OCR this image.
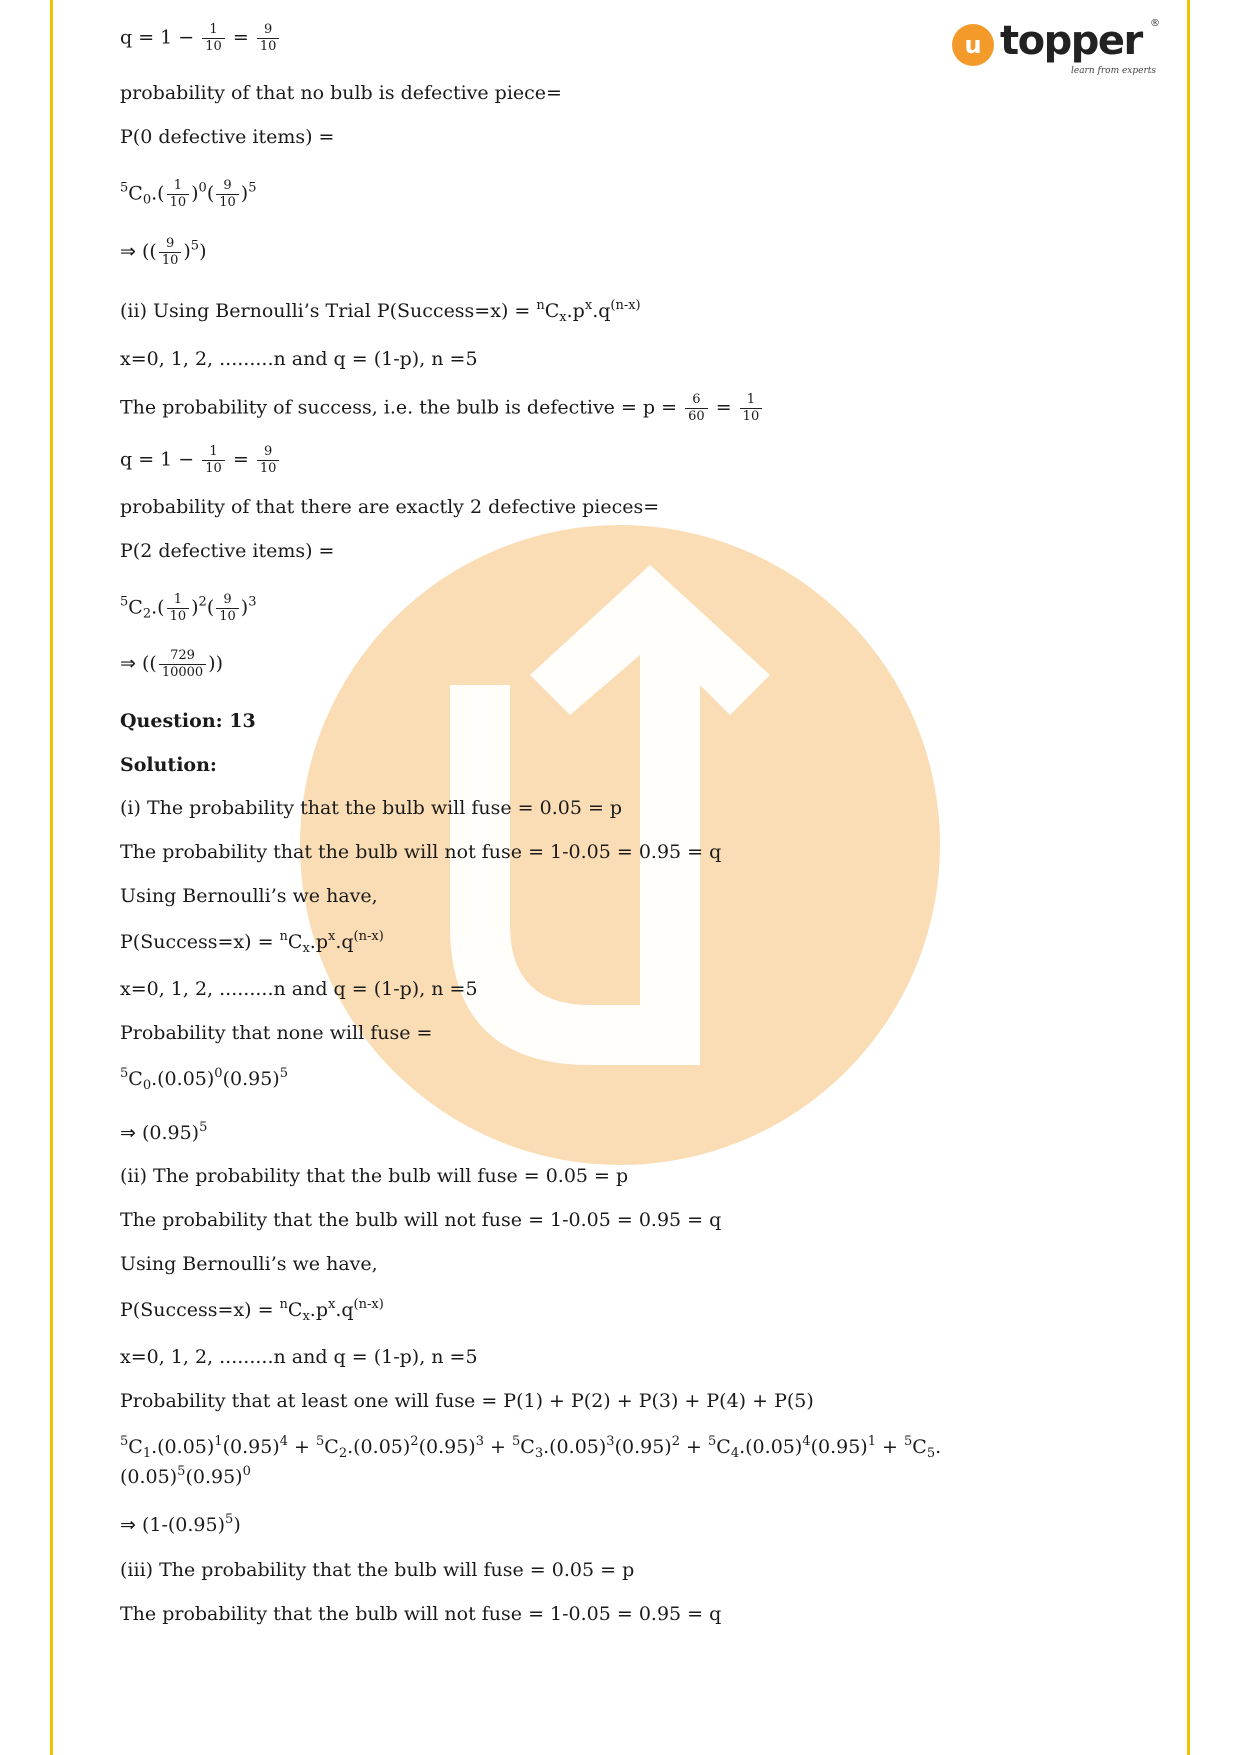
u topper ®
learn from experts
$q = 1 - \frac{1}{10} = \frac{9}{10}$
probability of that no bulb is defective piece=
P(0 defective items) =
$^5C_0.( \frac{1}{10} )^0( \frac{9}{10} )^5$
⇒ (( $\frac{9}{10} )^5$)
(ii) Using Bernoulli’s Trial P(Success=x) = $^nC_x.p^x.q^{(n-x)}$
x=0, 1, 2, .........n and q = (1-p), n =5
The probability of success, i.e. the bulb is defective = $p = \frac{6}{60} = \frac{1}{10}$
$q = 1 - \frac{1}{10} = \frac{9}{10}$
probability of that there are exactly 2 defective pieces=
P(2 defective items) =
$^5C_2.( \frac{1}{10} )^2( \frac{9}{10} )^3$
⇒ (( $\frac{729}{10000}$ ))
Question: 13
Solution:
(i) The probability that the bulb will fuse = 0.05 = p
The probability that the bulb will not fuse = 1-0.05 = 0.95 = q
Using Bernoulli’s we have,
P(Success=x) = $^nC_x.p^x.q^{(n-x)}$
x=0, 1, 2, .........n and q = (1-p), n =5
Probability that none will fuse =
$^5C_0.(0.05)^0(0.95)^5$
⇒ $(0.95)^5$
(ii) The probability that the bulb will fuse = 0.05 = p
The probability that the bulb will not fuse = 1-0.05 = 0.95 = q
Using Bernoulli’s we have,
P(Success=x) = $^nC_x.p^x.q^{(n-x)}$
x=0, 1, 2, .........n and q = (1-p), n =5
Probability that at least one will fuse = P(1) + P(2) + P(3) + P(4) + P(5)
$^5C_1.(0.05)^1(0.95)^4 + ^5C_2.(0.05)^2(0.95)^3 + ^5C_3.(0.05)^3(0.95)^2 + ^5C_4.(0.05)^4(0.95)^1 + ^5C_5$.
$(0.05)^5(0.95)^0$
⇒ $(1-(0.95)^5)$
(iii) The probability that the bulb will fuse = 0.05 = p
The probability that the bulb will not fuse = 1-0.05 = 0.95 = q
